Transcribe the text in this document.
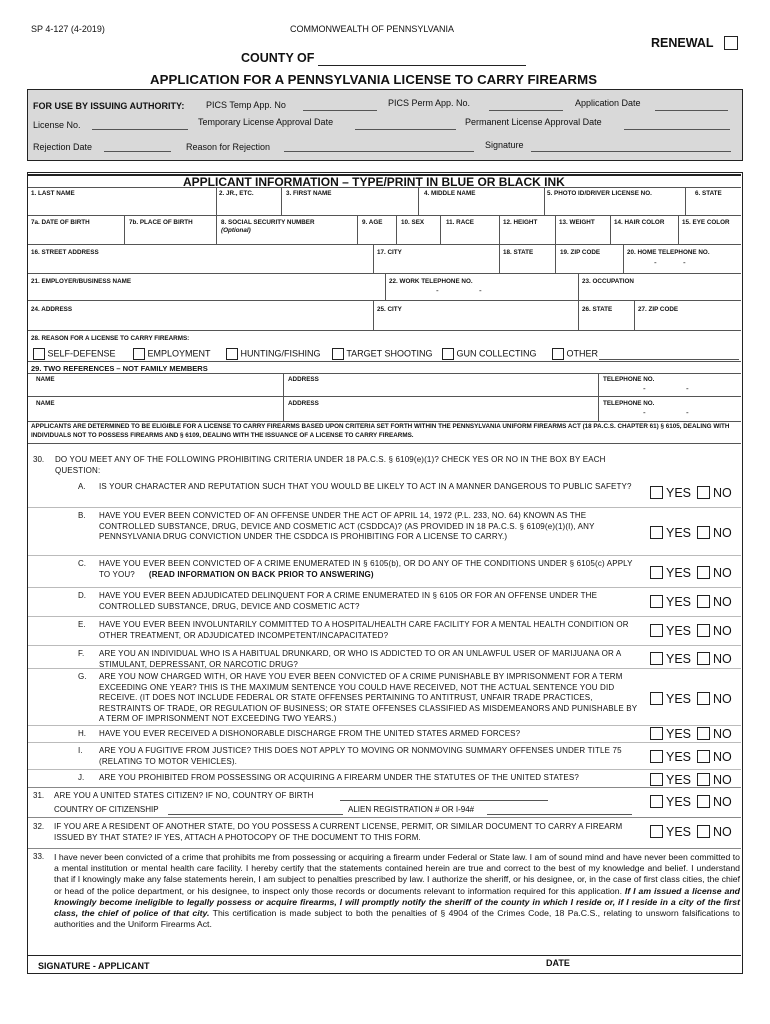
SP 4-127 (4-2019)	COMMONWEALTH OF PENNSYLVANIA
RENEWAL
COUNTY OF
APPLICATION FOR A PENNSYLVANIA LICENSE TO CARRY FIREARMS
FOR USE BY ISSUING AUTHORITY: PICS Temp App. No	PICS Perm App. No.	Application Date
License No.	Temporary License Approval Date	Permanent License Approval Date
Rejection Date	Reason for Rejection	Signature
APPLICANT INFORMATION – TYPE/PRINT IN BLUE OR BLACK INK
1. LAST NAME	2. JR., ETC.	3. FIRST NAME	4. MIDDLE NAME	5. PHOTO ID/DRIVER LICENSE NO.	6. STATE
7a. DATE OF BIRTH	7b. PLACE OF BIRTH	8. SOCIAL SECURITY NUMBER
(Optional)
9. AGE	10. SEX	11. RACE	12. HEIGHT	13. WEIGHT	14. HAIR COLOR	15. EYE COLOR
16. STREET ADDRESS	17. CITY	18. STATE	19. ZIP CODE	20. HOME TELEPHONE NO.
-	-
21. EMPLOYER/BUSINESS NAME	22. WORK TELEPHONE NO.
-	-
23. OCCUPATION
24. ADDRESS	25. CITY	26. STATE	27. ZIP CODE
28. REASON FOR A LICENSE TO CARRY FIREARMS:
SELF-DEFENSE	EMPLOYMENT	HUNTING/FISHING	TARGET SHOOTING	GUN COLLECTING	OTHER
29. TWO REFERENCES – NOT FAMILY MEMBERS
NAME	ADDRESS	TELEPHONE NO.
-	-
NAME	ADDRESS	TELEPHONE NO.
-	-
APPLICANTS ARE DETERMINED TO BE ELIGIBLE FOR A LICENSE TO CARRY FIREARMS BASED UPON CRITERIA SET FORTH WITHIN THE PENNSYLVANIA UNIFORM FIREARMS ACT (18 PA.C.S. CHAPTER 61) § 6105, DEALING WITH INDIVIDUALS NOT TO POSSESS FIREARMS AND § 6109, DEALING WITH THE ISSUANCE OF A LICENSE TO CARRY FIREARMS.
30. DO YOU MEET ANY OF THE FOLLOWING PROHIBITING CRITERIA UNDER 18 PA.C.S. § 6109(e)(1)? CHECK YES OR NO IN THE BOX BY EACH QUESTION:
A. IS YOUR CHARACTER AND REPUTATION SUCH THAT YOU WOULD BE LIKELY TO ACT IN A MANNER DANGEROUS TO PUBLIC SAFETY?	YES NO
B. HAVE YOU EVER BEEN CONVICTED OF AN OFFENSE UNDER THE ACT OF APRIL 14, 1972 (P.L. 233, NO. 64) KNOWN AS THE CONTROLLED SUBSTANCE, DRUG, DEVICE AND COSMETIC ACT (CSDDCA)? (AS PROVIDED IN 18 PA.C.S. § 6109(e)(1)(I), ANY PENNSYLVANIA DRUG CONVICTION UNDER THE CSDDCA IS PROHIBITING FOR A LICENSE TO CARRY.)	YES NO
C. HAVE YOU EVER BEEN CONVICTED OF A CRIME ENUMERATED IN § 6105(b), OR DO ANY OF THE CONDITIONS UNDER § 6105(c) APPLY TO YOU? (READ INFORMATION ON BACK PRIOR TO ANSWERING)	YES NO
D. HAVE YOU EVER BEEN ADJUDICATED DELINQUENT FOR A CRIME ENUMERATED IN § 6105 OR FOR AN OFFENSE UNDER THE CONTROLLED SUBSTANCE, DRUG, DEVICE AND COSMETIC ACT?	YES NO
E. HAVE YOU EVER BEEN INVOLUNTARILY COMMITTED TO A HOSPITAL/HEALTH CARE FACILITY FOR A MENTAL HEALTH CONDITION OR OTHER TREATMENT, OR ADJUDICATED INCOMPETENT/INCAPACITATED?	YES NO
F. ARE YOU AN INDIVIDUAL WHO IS A HABITUAL DRUNKARD, OR WHO IS ADDICTED TO OR AN UNLAWFUL USER OF MARIJUANA OR A STIMULANT, DEPRESSANT, OR NARCOTIC DRUG?	YES NO
G. ARE YOU NOW CHARGED WITH, OR HAVE YOU EVER BEEN CONVICTED OF A CRIME PUNISHABLE BY IMPRISONMENT FOR A TERM EXCEEDING ONE YEAR? THIS IS THE MAXIMUM SENTENCE YOU COULD HAVE RECEIVED, NOT THE ACTUAL SENTENCE YOU DID RECEIVE. (IT DOES NOT INCLUDE FEDERAL OR STATE OFFENSES PERTAINING TO ANTITRUST, UNFAIR TRADE PRACTICES, RESTRAINTS OF TRADE, OR REGULATION OF BUSINESS; OR STATE OFFENSES CLASSIFIED AS MISDEMEANORS AND PUNISHABLE BY A TERM OF IMPRISONMENT NOT EXCEEDING TWO YEARS.)
YES NO
H. HAVE YOU EVER RECEIVED A DISHONORABLE DISCHARGE FROM THE UNITED STATES ARMED FORCES?	YES NO
I. ARE YOU A FUGITIVE FROM JUSTICE? THIS DOES NOT APPLY TO MOVING OR NONMOVING SUMMARY OFFENSES UNDER TITLE 75 (RELATING TO MOTOR VEHICLES).	YES NO
J. ARE YOU PROHIBITED FROM POSSESSING OR ACQUIRING A FIREARM UNDER THE STATUTES OF THE UNITED STATES?	YES NO
31. ARE YOU A UNITED STATES CITIZEN? IF NO, COUNTRY OF BIRTH
COUNTRY OF CITIZENSHIP	ALIEN REGISTRATION # OR I-94#
YES NO
32. IF YOU ARE A RESIDENT OF ANOTHER STATE, DO YOU POSSESS A CURRENT LICENSE, PERMIT, OR SIMILAR DOCUMENT TO CARRY A FIREARM ISSUED BY THAT STATE? IF YES, ATTACH A PHOTOCOPY OF THE DOCUMENT TO THIS FORM.	YES NO
33. I have never been convicted of a crime that prohibits me from possessing or acquiring a firearm under Federal or State law. I am of sound mind and have never been committed to a mental institution or mental health care facility. I hereby certify that the statements contained herein are true and correct to the best of my knowledge and belief. I understand that if I knowingly make any false statements herein, I am subject to penalties prescribed by law. I authorize the sheriff, or his designee, or, in the case of first class cities, the chief or head of the police department, or his designee, to inspect only those records or documents relevant to information required for this application. If I am issued a license and knowingly become ineligible to legally possess or acquire firearms, I will promptly notify the sheriff of the county in which I reside or, if I reside in a city of the first class, the chief of police of that city. This certification is made subject to both the penalties of § 4904 of the Crimes Code, 18 Pa.C.S., relating to unsworn falsifications to authorities and the Uniform Firearms Act.
SIGNATURE - APPLICANT	DATE
